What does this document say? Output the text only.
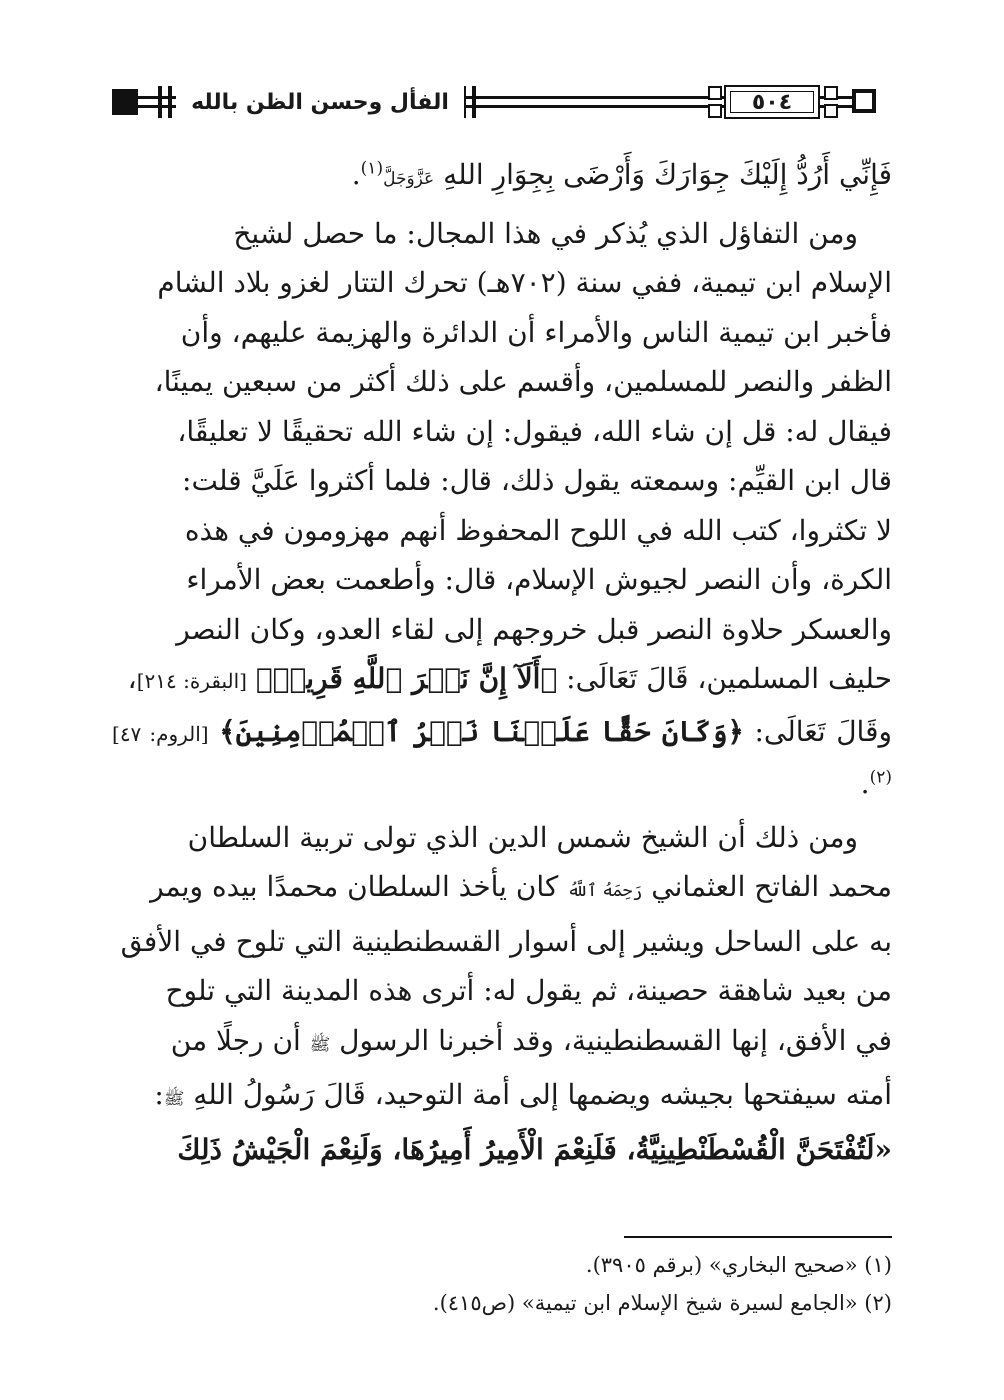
الفأل وحسن الظن بالله	٥٠٤

فَإِنِّي أَرُدُّ إِلَيْكَ جِوَارَكَ وَأَرْضَى بِجِوَارِ اللهِ عَزَّوَجَلَّ$^{(١)}$.

ومن التفاؤل الذي يُذكر في هذا المجال: ما حصل لشيخ

الإسلام ابن تيمية، ففي سنة (٧٠٢هـ) تحرك التتار لغزو بلاد الشام

فأخبر ابن تيمية الناس والأمراء أن الدائرة والهزيمة عليهم، وأن

الظفر والنصر للمسلمين، وأقسم على ذلك أكثر من سبعين يمينًا،

فيقال له: قل إن شاء الله، فيقول: إن شاء الله تحقيقًا لا تعليقًا،

قال ابن القيِّم: وسمعته يقول ذلك، قال: فلما أكثروا عَلَيَّ قلت:

لا تكثروا، كتب الله في اللوح المحفوظ أنهم مهزومون في هذه

الكرة، وأن النصر لجيوش الإسلام، قال: وأطعمت بعض الأمراء

والعسكر حلاوة النصر قبل خروجهم إلى لقاء العدو، وكان النصر

حليف المسلمين، قَالَ تَعَالَى: ﴿أَلَآ إِنَّ نَصۡرَ ٱللَّهِ قَرِيبٞ﴾ [البقرة: ٢١٤]،

وقَالَ تَعَالَى: ﴿وَكَانَ حَقًّا عَلَيۡنَا نَصۡرُ ٱلۡمُؤۡمِنِينَ﴾ [الروم: ٤٧]$^{(٢)}$.

ومن ذلك أن الشيخ شمس الدين الذي تولى تربية السلطان

محمد الفاتح العثماني رَحِمَهُ ٱللَّهُ كان يأخذ السلطان محمدًا بيده ويمر

به على الساحل ويشير إلى أسوار القسطنطينية التي تلوح في الأفق

من بعيد شاهقة حصينة، ثم يقول له: أترى هذه المدينة التي تلوح

في الأفق، إنها القسطنطينية، وقد أخبرنا الرسول ﷺ أن رجلًا من

أمته سيفتحها بجيشه ويضمها إلى أمة التوحيد، قَالَ رَسُولُ اللهِ ﷺ:

«لَتُفْتَحَنَّ الْقُسْطَنْطِينِيَّةُ، فَلَنِعْمَ الْأَمِيرُ أَمِيرُهَا، وَلَنِعْمَ الْجَيْشُ ذَلِكَ

(١) «صحيح البخاري» (برقم ٣٩٠٥).

(٢) «الجامع لسيرة شيخ الإسلام ابن تيمية» (ص٤١٥).
